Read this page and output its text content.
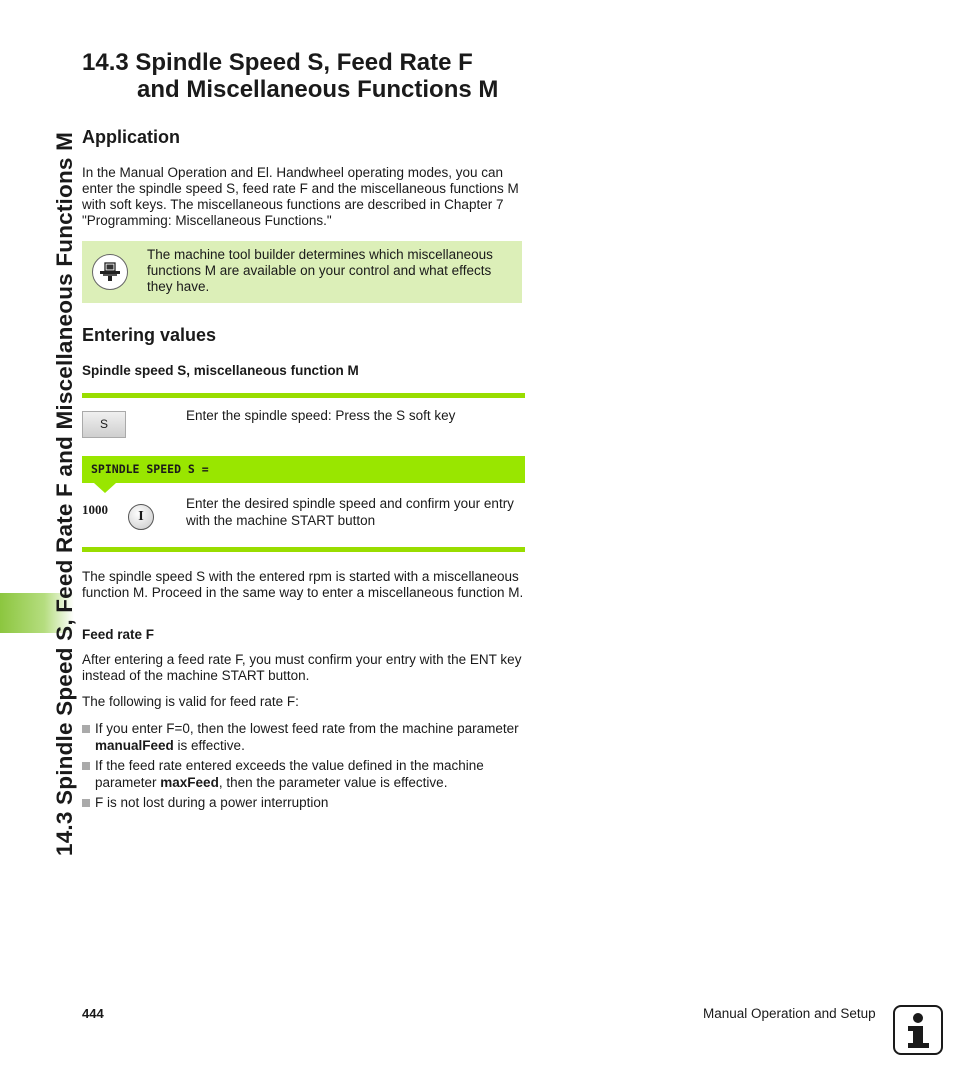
14.3 Spindle Speed S, Feed Rate F and Miscellaneous Functions M
14.3 Spindle Speed S, Feed Rate F
and Miscellaneous Functions M
Application
In the Manual Operation and El. Handwheel operating modes, you can enter the spindle speed S, feed rate F and the miscellaneous functions M with soft keys. The miscellaneous functions are described in Chapter 7 "Programming: Miscellaneous Functions."
The machine tool builder determines which miscellaneous functions M are available on your control and what effects they have.
Entering values
Spindle speed S, miscellaneous function M
S
Enter the spindle speed: Press the S soft key
SPINDLE SPEED S =
1000	I
Enter the desired spindle speed and confirm your entry with the machine START button
The spindle speed S with the entered rpm is started with a miscellaneous function M. Proceed in the same way to enter a miscellaneous function M.
Feed rate F
After entering a feed rate F, you must confirm your entry with the ENT key instead of the machine START button.
The following is valid for feed rate F:
If you enter F=0, then the lowest feed rate from the machine parameter manualFeed is effective.
If the feed rate entered exceeds the value defined in the machine parameter maxFeed, then the parameter value is effective.
F is not lost during a power interruption
444	Manual Operation and Setup
